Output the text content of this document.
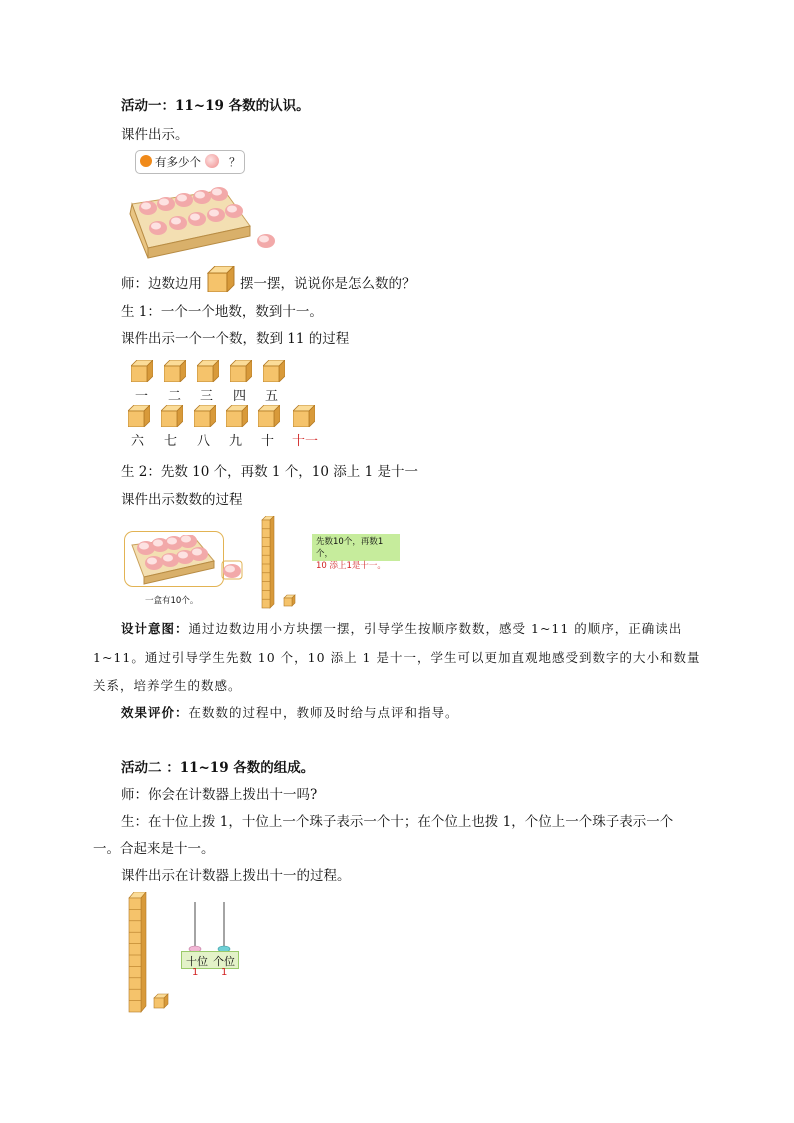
活动一：11~19 各数的认识。
课件出示。
有多少个 ？
师：边数边用	摆一摆，说说你是怎么数的？
生 1：一个一个地数，数到十一。
课件出示一个一个数，数到 11 的过程
一 二 三 四 五
六 七 八 九 十 十一
生 2：先数 10 个，再数 1 个，10 添上 1 是十一
课件出示数数的过程
一盒有10个。
先数10个，再数1个，
10 添上1是十一。
设计意图：通过边数边用小方块摆一摆，引导学生按顺序数数，感受 1~11 的顺序，正确读出
1~11。通过引导学生先数 10 个，10 添上 1 是十一，学生可以更加直观地感受到数字的大小和数量
关系，培养学生的数感。
效果评价：在数数的过程中，教师及时给与点评和指导。
活动二 ：11~19 各数的组成。
师：你会在计数器上拨出十一吗?
生：在十位上拨 1，十位上一个珠子表示一个十；在个位上也拨 1，个位上一个珠子表示一个
一。合起来是十一。
课件出示在计数器上拨出十一的过程。
十位 个位
1 1
